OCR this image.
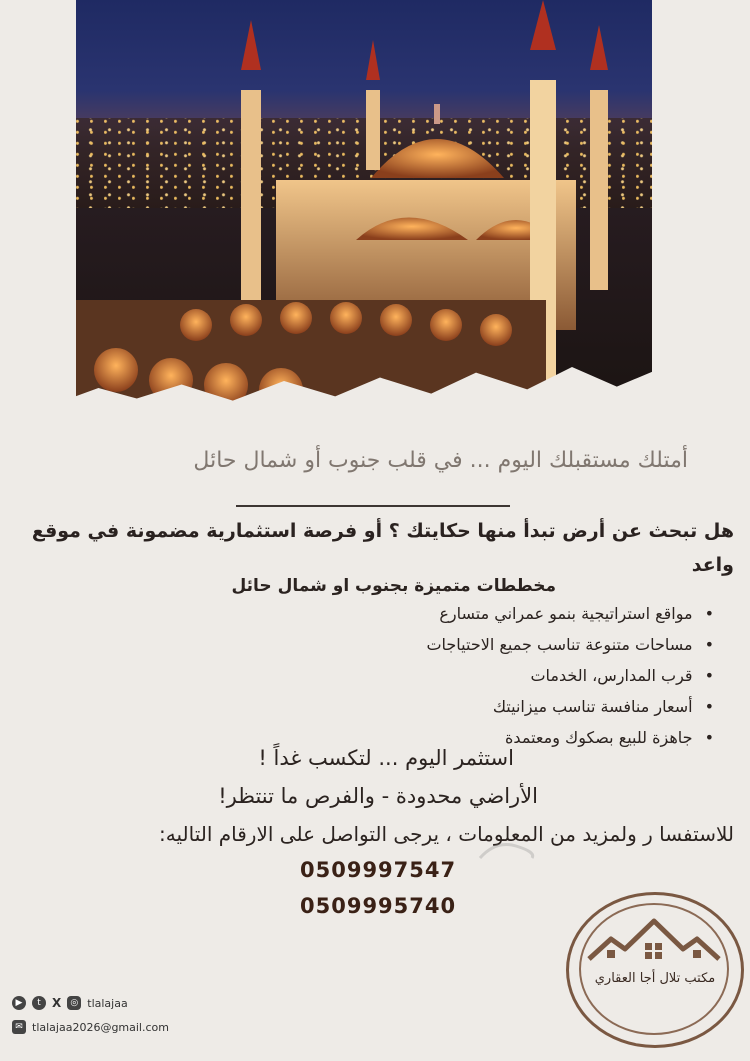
أمتلك مستقبلك اليوم ... في قلب جنوب أو شمال حائل
هل تبحث عن أرض تبدأ منها حكايتك ؟ أو فرصة استثمارية مضمونة في موقع واعد
مخططات متميزة بجنوب او شمال حائل
• مواقع استراتيجية بنمو عمراني متسارع
• مساحات متنوعة تناسب جميع الاحتياجات
• قرب المدارس، الخدمات
• أسعار منافسة تناسب ميزانيتك
• جاهزة للبيع بصكوك ومعتمدة
استثمر اليوم ... لتكسب غداً !
الأراضي محدودة - والفرص ما تنتظر!
للاستفسا ر ولمزيد من المعلومات ، يرجى التواصل على الارقام التاليه:
0509997547
0509995740
مكتب تلال أجا العقاري
▶	t X	◎ tlalajaa
✉ tlalajaa2026@gmail.com
